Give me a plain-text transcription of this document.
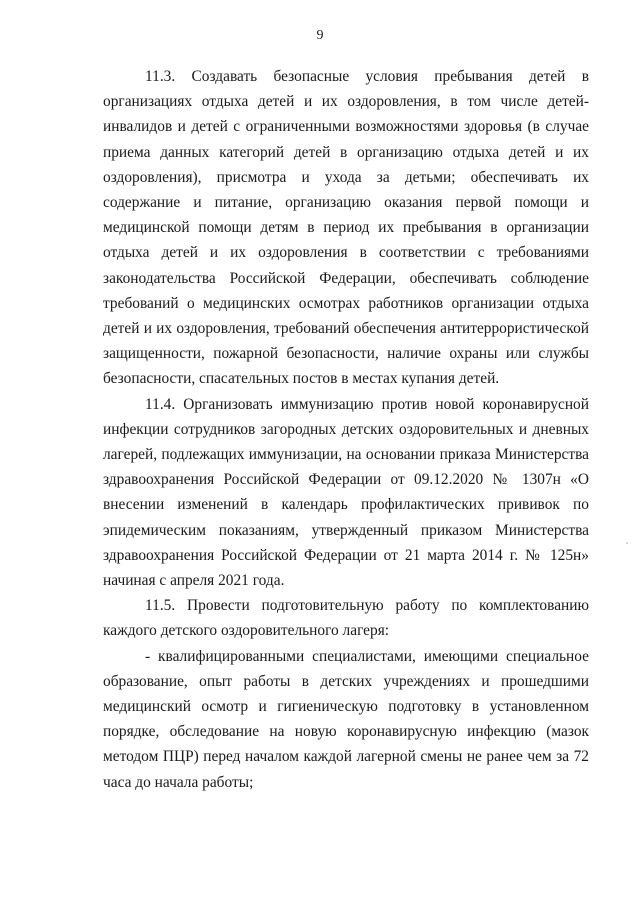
9

11.3. Создавать безопасные условия пребывания детей в организациях отдыха детей и их оздоровления, в том числе детей-инвалидов и детей с ограниченными возможностями здоровья (в случае приема данных категорий детей в организацию отдыха детей и их оздоровления), присмотра и ухода за детьми; обеспечивать их содержание и питание, организацию оказания первой помощи и медицинской помощи детям в период их пребывания в организации отдыха детей и их оздоровления в соответствии с требованиями законодательства Российской Федерации, обеспечивать соблюдение требований о медицинских осмотрах работников организации отдыха детей и их оздоровления, требований обеспечения антитеррористической защищенности, пожарной безопасности, наличие охраны или службы безопасности, спасательных постов в местах купания детей.

11.4. Организовать иммунизацию против новой коронавирусной инфекции сотрудников загородных детских оздоровительных и дневных лагерей, подлежащих иммунизации, на основании приказа Министерства здравоохранения Российской Федерации от 09.12.2020 № 1307н «О внесении изменений в календарь профилактических прививок по эпидемическим показаниям, утвержденный приказом Министерства здравоохранения Российской Федерации от 21 марта 2014 г. № 125н» начиная с апреля 2021 года.

11.5. Провести подготовительную работу по комплектованию каждого детского оздоровительного лагеря:

- квалифицированными специалистами, имеющими специальное образование, опыт работы в детских учреждениях и прошедшими медицинский осмотр и гигиеническую подготовку в установленном порядке, обследование на новую коронавирусную инфекцию (мазок методом ПЦР) перед началом каждой лагерной смены не ранее чем за 72 часа до начала работы;
